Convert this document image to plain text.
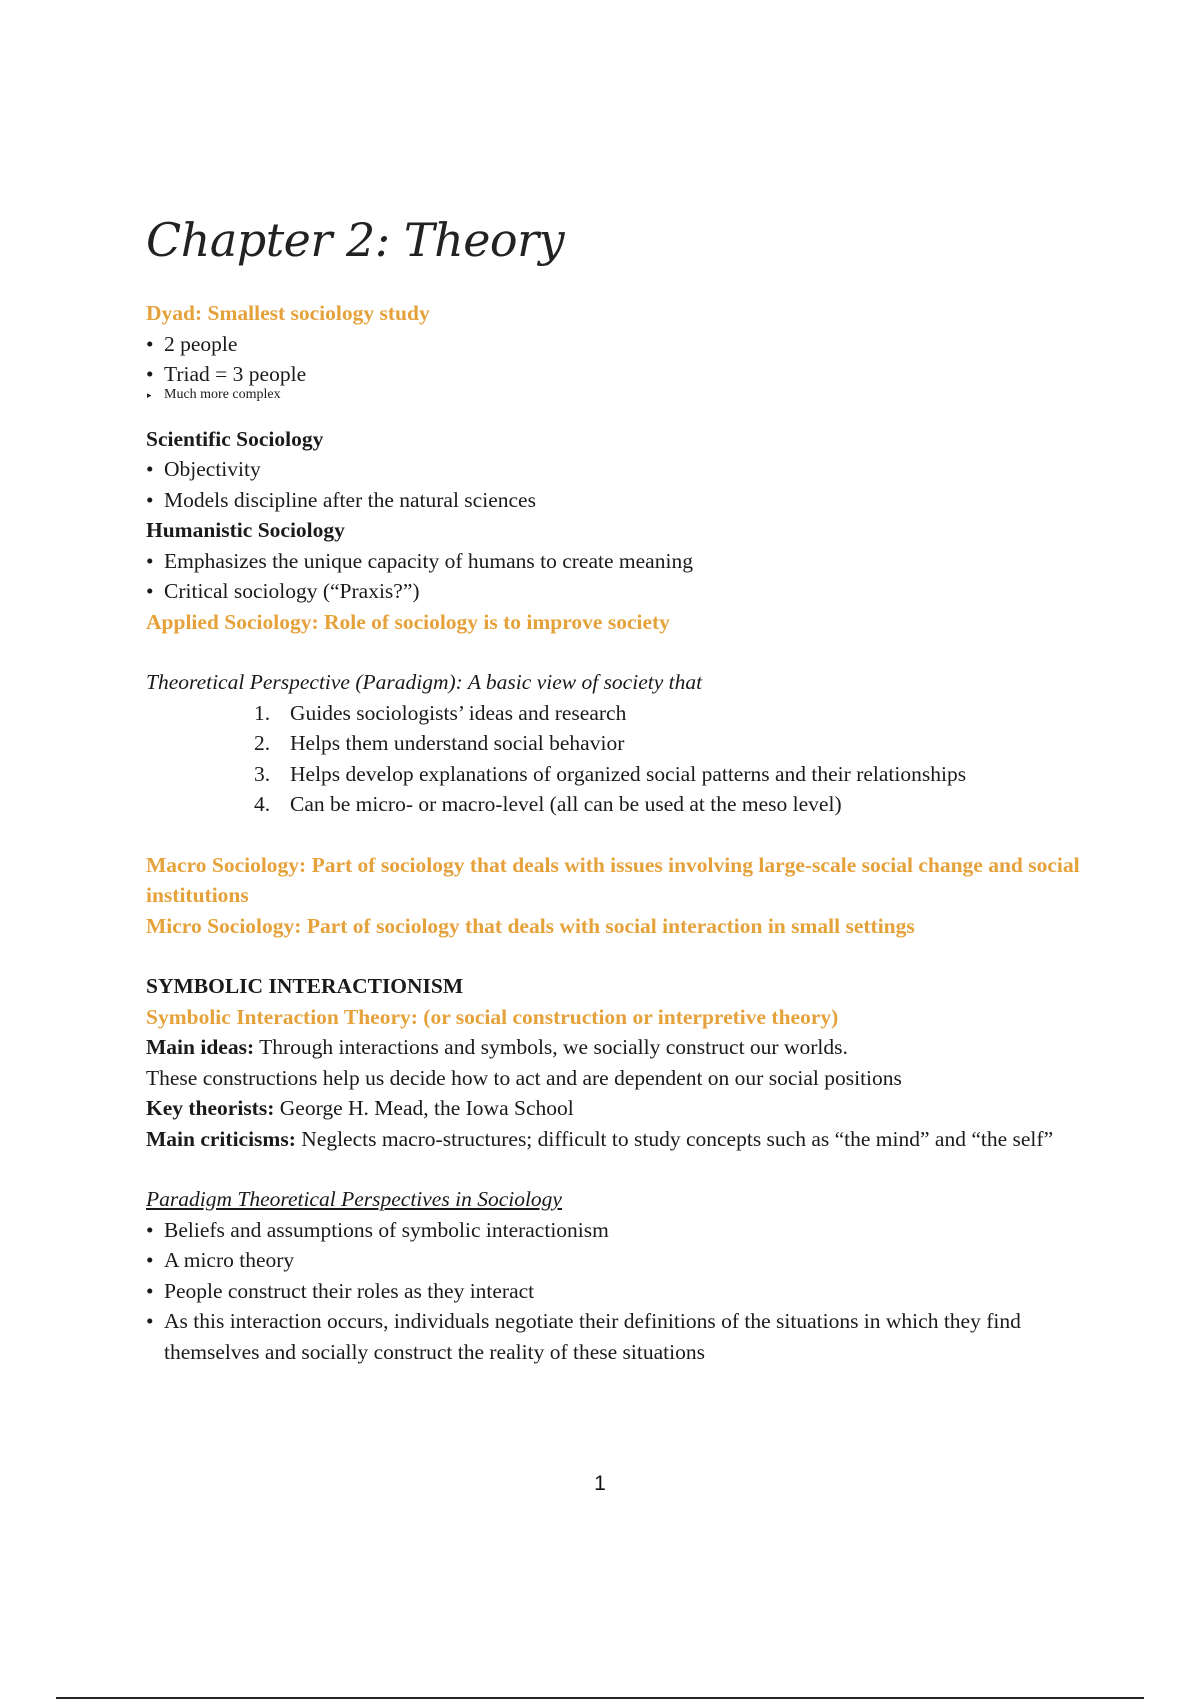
Chapter 2: Theory
Dyad: Smallest sociology study
• 2 people
• Triad = 3 people
▸ Much more complex
Scientific Sociology
• Objectivity
• Models discipline after the natural sciences
Humanistic Sociology
• Emphasizes the unique capacity of humans to create meaning
• Critical sociology (“Praxis?”)
Applied Sociology: Role of sociology is to improve society
Theoretical Perspective (Paradigm): A basic view of society that
1. Guides sociologists’ ideas and research
2. Helps them understand social behavior
3. Helps develop explanations of organized social patterns and their relationships
4. Can be micro- or macro-level (all can be used at the meso level)
Macro Sociology: Part of sociology that deals with issues involving large-scale social change and social institutions
Micro Sociology: Part of sociology that deals with social interaction in small settings
SYMBOLIC INTERACTIONISM
Symbolic Interaction Theory: (or social construction or interpretive theory)
Main ideas: Through interactions and symbols, we socially construct our worlds.
These constructions help us decide how to act and are dependent on our social positions
Key theorists: George H. Mead, the Iowa School
Main criticisms: Neglects macro-structures; difficult to study concepts such as “the mind” and “the self”
Paradigm Theoretical Perspectives in Sociology
• Beliefs and assumptions of symbolic interactionism
• A micro theory
• People construct their roles as they interact
• As this interaction occurs, individuals negotiate their definitions of the situations in which they find themselves and socially construct the reality of these situations
1
